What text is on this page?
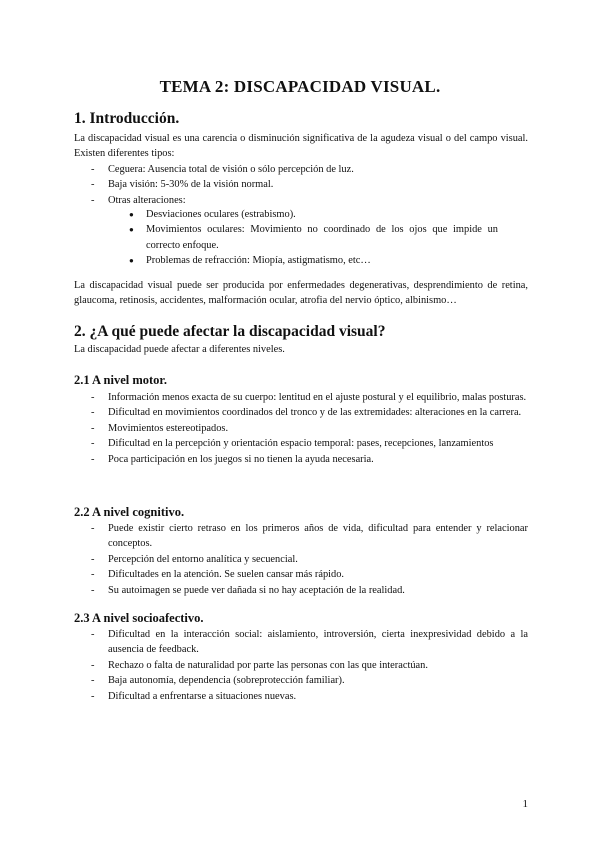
TEMA 2: DISCAPACIDAD VISUAL.
1. Introducción.
La discapacidad visual es una carencia o disminución significativa de la agudeza visual o del campo visual. Existen diferentes tipos:
- Ceguera: Ausencia total de visión o sólo percepción de luz.
- Baja visión: 5-30% de la visión normal.
- Otras alteraciones:
● Desviaciones oculares (estrabismo).
● Movimientos oculares: Movimiento no coordinado de los ojos que impide un correcto enfoque.
● Problemas de refracción: Miopía, astigmatismo, etc…
La discapacidad visual puede ser producida por enfermedades degenerativas, desprendimiento de retina, glaucoma, retinosis, accidentes, malformación ocular, atrofia del nervio óptico, albinismo…
2. ¿A qué puede afectar la discapacidad visual?
La discapacidad puede afectar a diferentes niveles.
2.1 A nivel motor.
- Información menos exacta de su cuerpo: lentitud en el ajuste postural y el equilibrio, malas posturas.
- Dificultad en movimientos coordinados del tronco y de las extremidades: alteraciones en la carrera.
- Movimientos estereotipados.
- Dificultad en la percepción y orientación espacio temporal: pases, recepciones, lanzamientos
- Poca participación en los juegos si no tienen la ayuda necesaria.
2.2 A nivel cognitivo.
- Puede existir cierto retraso en los primeros años de vida, dificultad para entender y relacionar conceptos.
- Percepción del entorno analítica y secuencial.
- Dificultades en la atención. Se suelen cansar más rápido.
- Su autoimagen se puede ver dañada si no hay aceptación de la realidad.
2.3 A nivel socioafectivo.
- Dificultad en la interacción social: aislamiento, introversión, cierta inexpresividad debido a la ausencia de feedback.
- Rechazo o falta de naturalidad por parte las personas con las que interactúan.
- Baja autonomía, dependencia (sobreprotección familiar).
- Dificultad a enfrentarse a situaciones nuevas.
1
